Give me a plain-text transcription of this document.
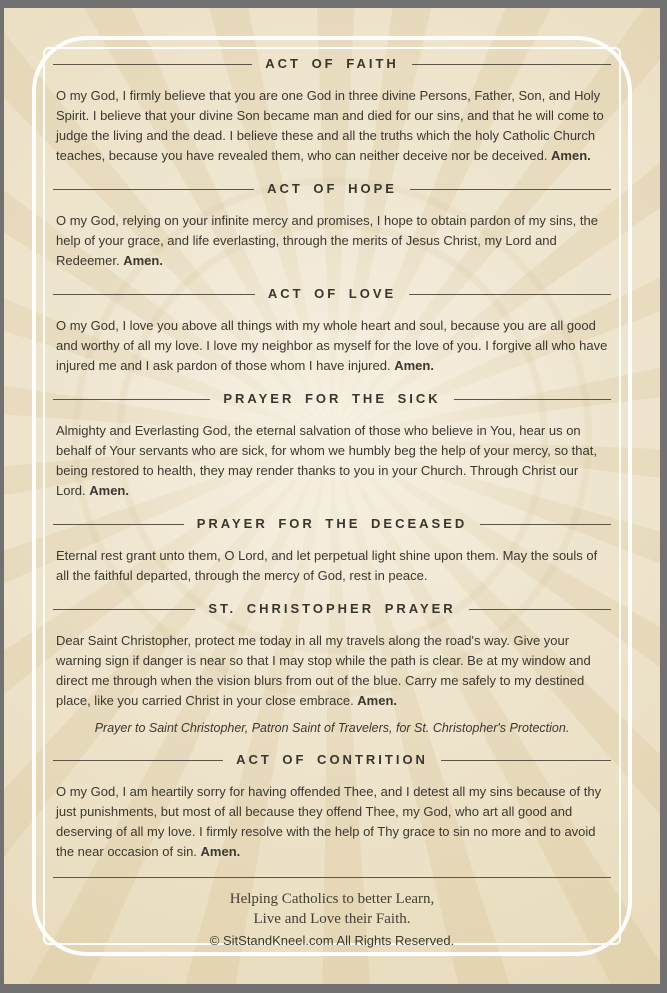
ACT OF FAITH

O my God, I firmly believe that you are one God in three divine Persons, Father, Son, and Holy Spirit. I believe that your divine Son became man and died for our sins, and that he will come to judge the living and the dead. I believe these and all the truths which the holy Catholic Church teaches, because you have revealed them, who can neither deceive nor be deceived. Amen.

ACT OF HOPE

O my God, relying on your infinite mercy and promises, I hope to obtain pardon of my sins, the help of your grace, and life everlasting, through the merits of Jesus Christ, my Lord and Redeemer. Amen.

ACT OF LOVE

O my God, I love you above all things with my whole heart and soul, because you are all good and worthy of all my love. I love my neighbor as myself for the love of you. I forgive all who have injured me and I ask pardon of those whom I have injured. Amen.

PRAYER FOR THE SICK

Almighty and Everlasting God, the eternal salvation of those who believe in You, hear us on behalf of Your servants who are sick, for whom we humbly beg the help of your mercy, so that, being restored to health, they may render thanks to you in your Church. Through Christ our Lord. Amen.

PRAYER FOR THE DECEASED

Eternal rest grant unto them, O Lord, and let perpetual light shine upon them. May the souls of all the faithful departed, through the mercy of God, rest in peace.

ST. CHRISTOPHER PRAYER

Dear Saint Christopher, protect me today in all my travels along the road's way. Give your warning sign if danger is near so that I may stop while the path is clear. Be at my window and direct me through when the vision blurs from out of the blue. Carry me safely to my destined place, like you carried Christ in your close embrace. Amen.

Prayer to Saint Christopher, Patron Saint of Travelers, for St. Christopher's Protection.
ACT OF CONTRITION

O my God, I am heartily sorry for having offended Thee, and I detest all my sins because of thy just punishments, but most of all because they offend Thee, my God, who art all good and deserving of all my love. I firmly resolve with the help of Thy grace to sin no more and to avoid the near occasion of sin. Amen.

Helping Catholics to better Learn,
Live and Love their Faith.
© SitStandKneel.com All Rights Reserved.
